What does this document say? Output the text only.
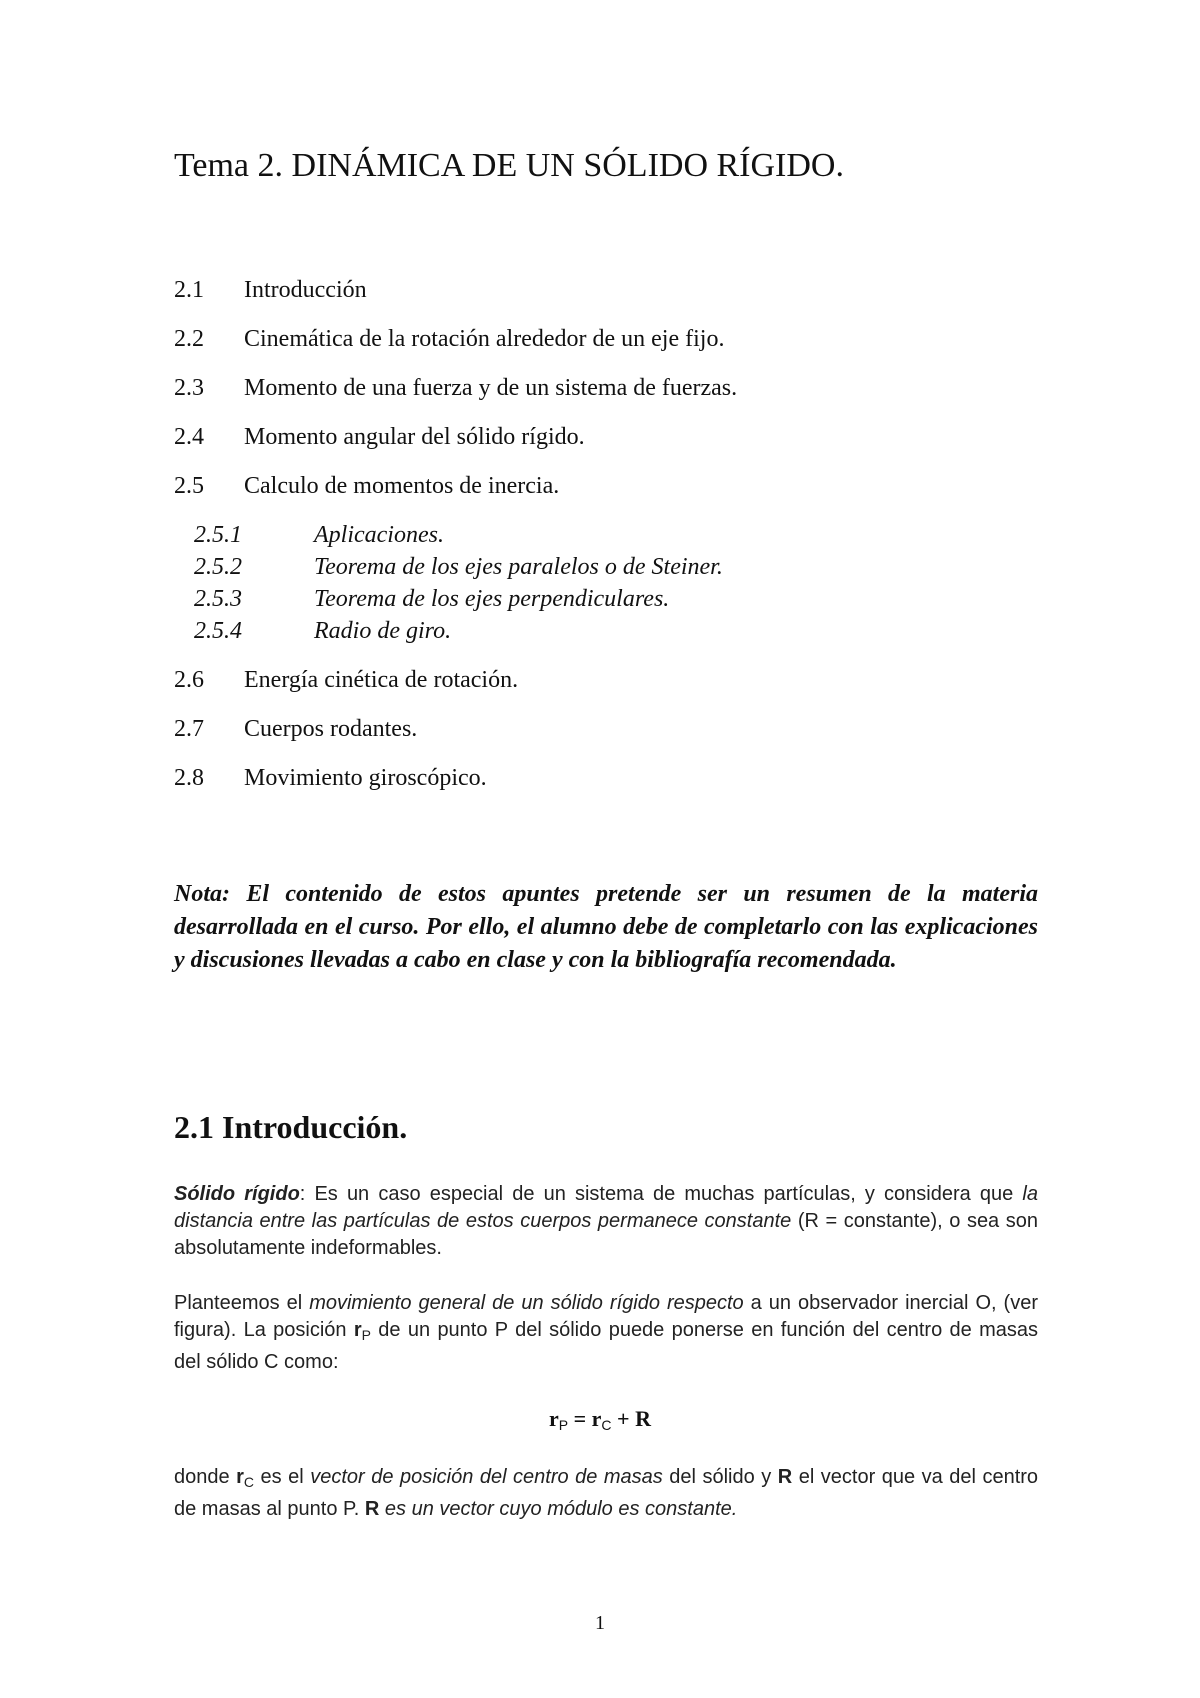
Tema 2. DINÁMICA DE UN SÓLIDO RÍGIDO.
2.1 Introducción
2.2 Cinemática de la rotación alrededor de un eje fijo.
2.3 Momento de una fuerza y de un sistema de fuerzas.
2.4 Momento angular del sólido rígido.
2.5 Calculo de momentos de inercia.
2.5.1	Aplicaciones.
2.5.2	Teorema de los ejes paralelos o de Steiner.
2.5.3	Teorema de los ejes perpendiculares.
2.5.4	Radio de giro.
2.6 Energía cinética de rotación.
2.7 Cuerpos rodantes.
2.8 Movimiento giroscópico.

Nota: El contenido de estos apuntes pretende ser un resumen de la materia desarrollada en el curso. Por ello, el alumno debe de completarlo con las explicaciones y discusiones llevadas a cabo en clase y con la bibliografía recomendada.

2.1 Introducción.

Sólido rígido: Es un caso especial de un sistema de muchas partículas, y considera que la distancia entre las partículas de estos cuerpos permanece constante (R = constante), o sea son absolutamente indeformables.

Planteemos el movimiento general de un sólido rígido respecto a un observador inercial O, (ver figura). La posición $r_P$ de un punto P del sólido puede ponerse en función del centro de masas del sólido C como:

$r_P = r_C + R$

donde $r_C$ es el vector de posición del centro de masas del sólido y R el vector que va del centro de masas al punto P. R es un vector cuyo módulo es constante.

1
